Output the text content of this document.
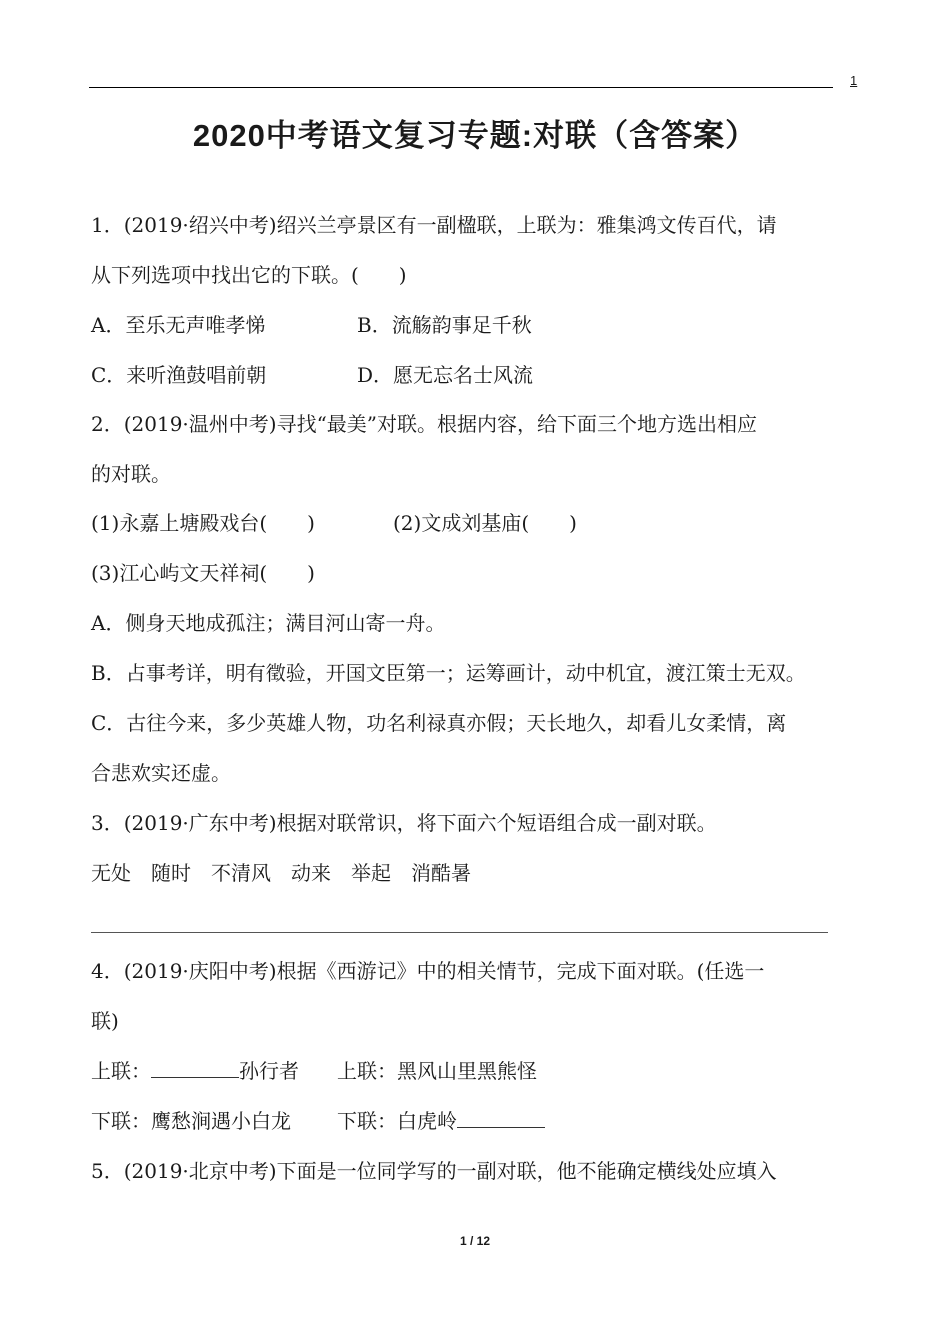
1
2020中考语文复习专题:对联（含答案）
1．(2019·绍兴中考)绍兴兰亭景区有一副楹联，上联为：雅集鸿文传百代，请
从下列选项中找出它的下联。(　　)
A．至乐无声唯孝悌	B．流觞韵事足千秋
C．来听渔鼓唱前朝	D．愿无忘名士风流
2．(2019·温州中考)寻找“最美”对联。根据内容，给下面三个地方选出相应
的对联。
(1)永嘉上塘殿戏台(　　)	(2)文成刘基庙(　　)
(3)江心屿文天祥祠(　　)
A．侧身天地成孤注；满目河山寄一舟。
B．占事考详，明有徵验，开国文臣第一；运筹画计，动中机宜，渡江策士无双。
C．古往今来，多少英雄人物，功名利禄真亦假；天长地久，却看儿女柔情，离
合悲欢实还虚。
3．(2019·广东中考)根据对联常识，将下面六个短语组合成一副对联。
无处　随时　不清风　动来　举起　消酷暑
4．(2019·庆阳中考)根据《西游记》中的相关情节，完成下面对联。(任选一
联)
上联：	孙行者 上联：黑风山里黑熊怪
下联：鹰愁涧遇小白龙 下联：白虎岭
5．(2019·北京中考)下面是一位同学写的一副对联，他不能确定横线处应填入
1 / 12
